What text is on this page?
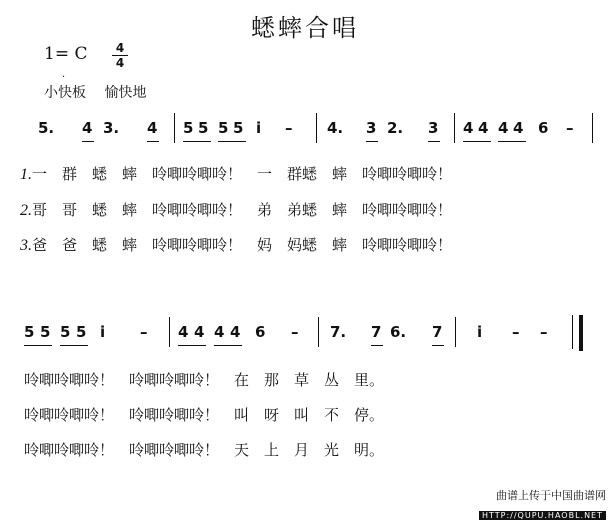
蟋蟀合唱
1= C	4
4
·
小快板 愉快地
5. 4 3. 4 5 5 5 5 i – 4. 3 2. 3 4 4 4 4 6 –
1.一　群　蟋　蟀　呤唧呤唧呤！　一　群蟋　蟀　呤唧呤唧呤！
2.哥　哥　蟋　蟀　呤唧呤唧呤！　弟　弟蟋　蟀　呤唧呤唧呤！
3.爸　爸　蟋　蟀　呤唧呤唧呤！　妈　妈蟋　蟀　呤唧呤唧呤！
5 5 5 5 i – 4 4 4 4 6 – 7. 7 6. 7 i – –
呤唧呤唧呤！　呤唧呤唧呤！　在　那　草　丛　里。
呤唧呤唧呤！　呤唧呤唧呤！　叫　呀　叫　不　停。
呤唧呤唧呤！　呤唧呤唧呤！　天　上　月　光　明。
曲谱上传于中国曲谱网
HTTP://QUPU.HAOBL.NET
